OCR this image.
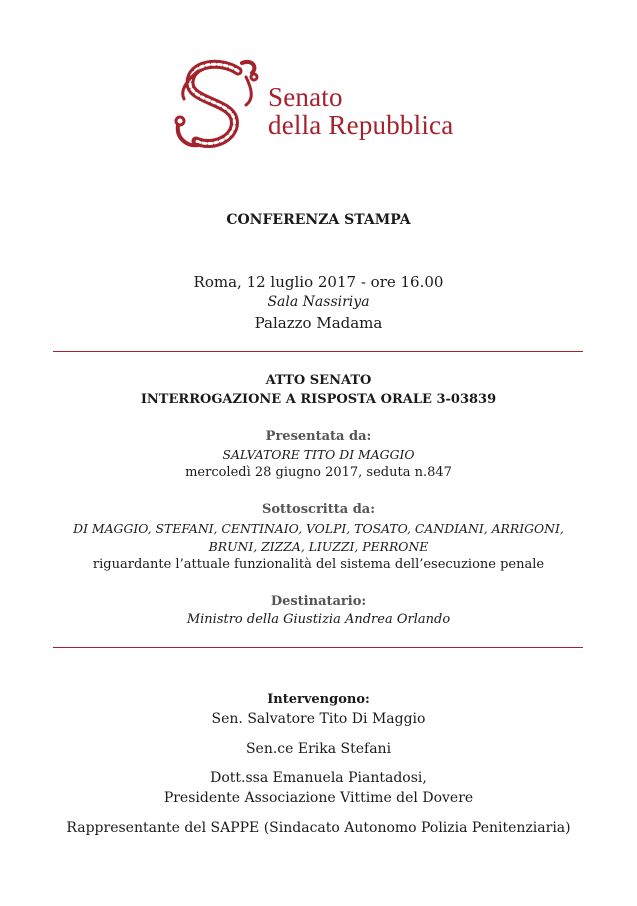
Senato
della Repubblica
CONFERENZA STAMPA
Roma, 12 luglio 2017 - ore 16.00
Sala Nassiriya
Palazzo Madama
ATTO SENATO
INTERROGAZIONE A RISPOSTA ORALE 3-03839
Presentata da:
SALVATORE TITO DI MAGGIO
mercoledì 28 giugno 2017, seduta n.847
Sottoscritta da:
DI MAGGIO, STEFANI, CENTINAIO, VOLPI, TOSATO, CANDIANI, ARRIGONI,
BRUNI, ZIZZA, LIUZZI, PERRONE
riguardante l’attuale funzionalità del sistema dell’esecuzione penale
Destinatario:
Ministro della Giustizia Andrea Orlando
Intervengono:
Sen. Salvatore Tito Di Maggio
Sen.ce Erika Stefani
Dott.ssa Emanuela Piantadosi,
Presidente Associazione Vittime del Dovere
Rappresentante del SAPPE (Sindacato Autonomo Polizia Penitenziaria)
